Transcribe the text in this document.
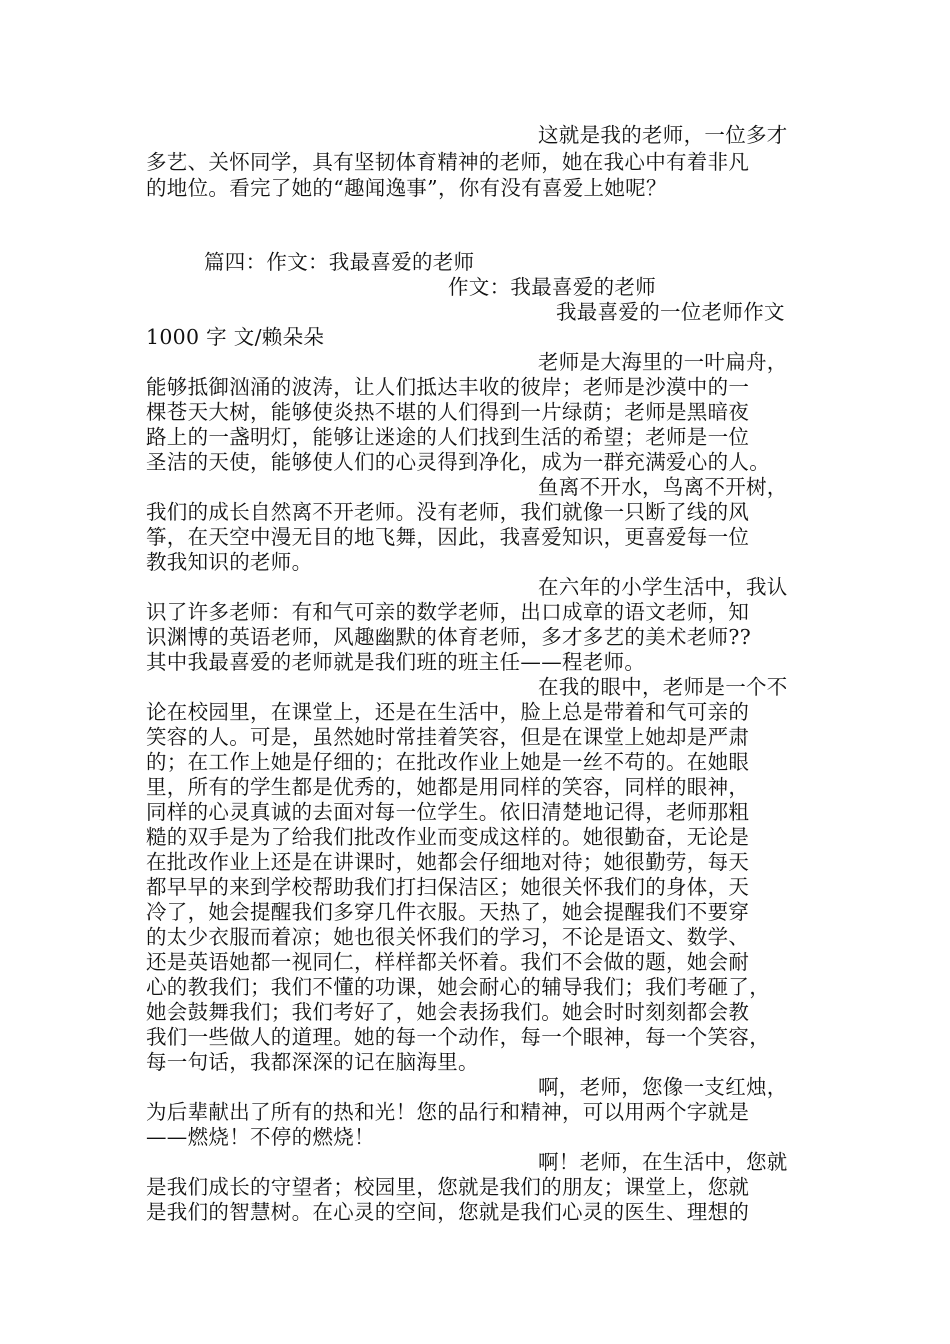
这就是我的老师，一位多才
多艺、关怀同学，具有坚韧体育精神的老师，她在我心中有着非凡
的地位。看完了她的“趣闻逸事”，你有没有喜爱上她呢？
篇四：作文：我最喜爱的老师
作文：我最喜爱的老师
我最喜爱的一位老师作文
1000 字 文/赖朵朵
老师是大海里的一叶扁舟，
能够抵御汹涌的波涛，让人们抵达丰收的彼岸；老师是沙漠中的一
棵苍天大树，能够使炎热不堪的人们得到一片绿荫；老师是黑暗夜
路上的一盏明灯，能够让迷途的人们找到生活的希望；老师是一位
圣洁的天使，能够使人们的心灵得到净化，成为一群充满爱心的人。
鱼离不开水，鸟离不开树，
我们的成长自然离不开老师。没有老师，我们就像一只断了线的风
筝，在天空中漫无目的地飞舞，因此，我喜爱知识，更喜爱每一位
教我知识的老师。
在六年的小学生活中，我认
识了许多老师：有和气可亲的数学老师，出口成章的语文老师，知
识渊博的英语老师，风趣幽默的体育老师，多才多艺的美术老师??
其中我最喜爱的老师就是我们班的班主任——程老师。
在我的眼中，老师是一个不
论在校园里，在课堂上，还是在生活中，脸上总是带着和气可亲的
笑容的人。可是，虽然她时常挂着笑容，但是在课堂上她却是严肃
的；在工作上她是仔细的；在批改作业上她是一丝不苟的。在她眼
里，所有的学生都是优秀的，她都是用同样的笑容，同样的眼神，
同样的心灵真诚的去面对每一位学生。依旧清楚地记得，老师那粗
糙的双手是为了给我们批改作业而变成这样的。她很勤奋，无论是
在批改作业上还是在讲课时，她都会仔细地对待；她很勤劳，每天
都早早的来到学校帮助我们打扫保洁区；她很关怀我们的身体，天
冷了，她会提醒我们多穿几件衣服。天热了，她会提醒我们不要穿
的太少衣服而着凉；她也很关怀我们的学习，不论是语文、数学、
还是英语她都一视同仁，样样都关怀着。我们不会做的题，她会耐
心的教我们；我们不懂的功课，她会耐心的辅导我们；我们考砸了，
她会鼓舞我们；我们考好了，她会表扬我们。她会时时刻刻都会教
我们一些做人的道理。她的每一个动作，每一个眼神，每一个笑容，
每一句话，我都深深的记在脑海里。
啊，老师，您像一支红烛，
为后辈献出了所有的热和光！您的品行和精神，可以用两个字就是
——燃烧！不停的燃烧！
啊！老师，在生活中，您就
是我们成长的守望者；校园里，您就是我们的朋友；课堂上，您就
是我们的智慧树。在心灵的空间，您就是我们心灵的医生、理想的
